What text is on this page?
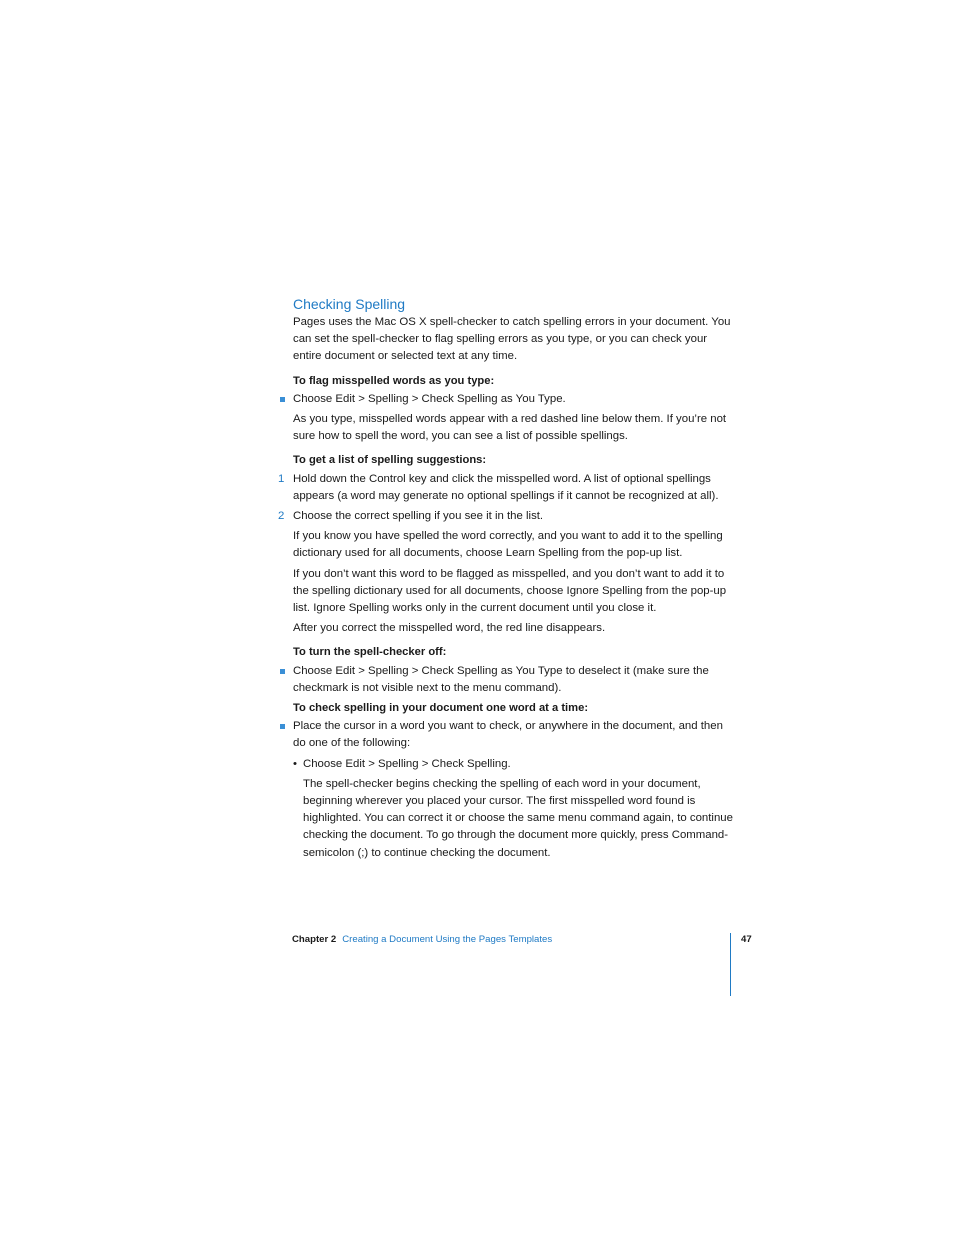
Checking Spelling

Pages uses the Mac OS X spell-checker to catch spelling errors in your document. You can set the spell-checker to flag spelling errors as you type, or you can check your entire document or selected text at any time.

To flag misspelled words as you type:

Choose Edit > Spelling > Check Spelling as You Type.

As you type, misspelled words appear with a red dashed line below them. If you’re not sure how to spell the word, you can see a list of possible spellings.

To get a list of spelling suggestions:

1 Hold down the Control key and click the misspelled word. A list of optional spellings appears (a word may generate no optional spellings if it cannot be recognized at all).

2 Choose the correct spelling if you see it in the list.

If you know you have spelled the word correctly, and you want to add it to the spelling dictionary used for all documents, choose Learn Spelling from the pop-up list.

If you don’t want this word to be flagged as misspelled, and you don’t want to add it to the spelling dictionary used for all documents, choose Ignore Spelling from the pop-up list. Ignore Spelling works only in the current document until you close it.

After you correct the misspelled word, the red line disappears.

To turn the spell-checker off:

Choose Edit > Spelling > Check Spelling as You Type to deselect it (make sure the checkmark is not visible next to the menu command).

To check spelling in your document one word at a time:

Place the cursor in a word you want to check, or anywhere in the document, and then do one of the following:

• Choose Edit > Spelling > Check Spelling.

The spell-checker begins checking the spelling of each word in your document, beginning wherever you placed your cursor. The first misspelled word found is highlighted. You can correct it or choose the same menu command again, to continue checking the document. To go through the document more quickly, press Command-semicolon (;) to continue checking the document.

Chapter 2 Creating a Document Using the Pages Templates	47
